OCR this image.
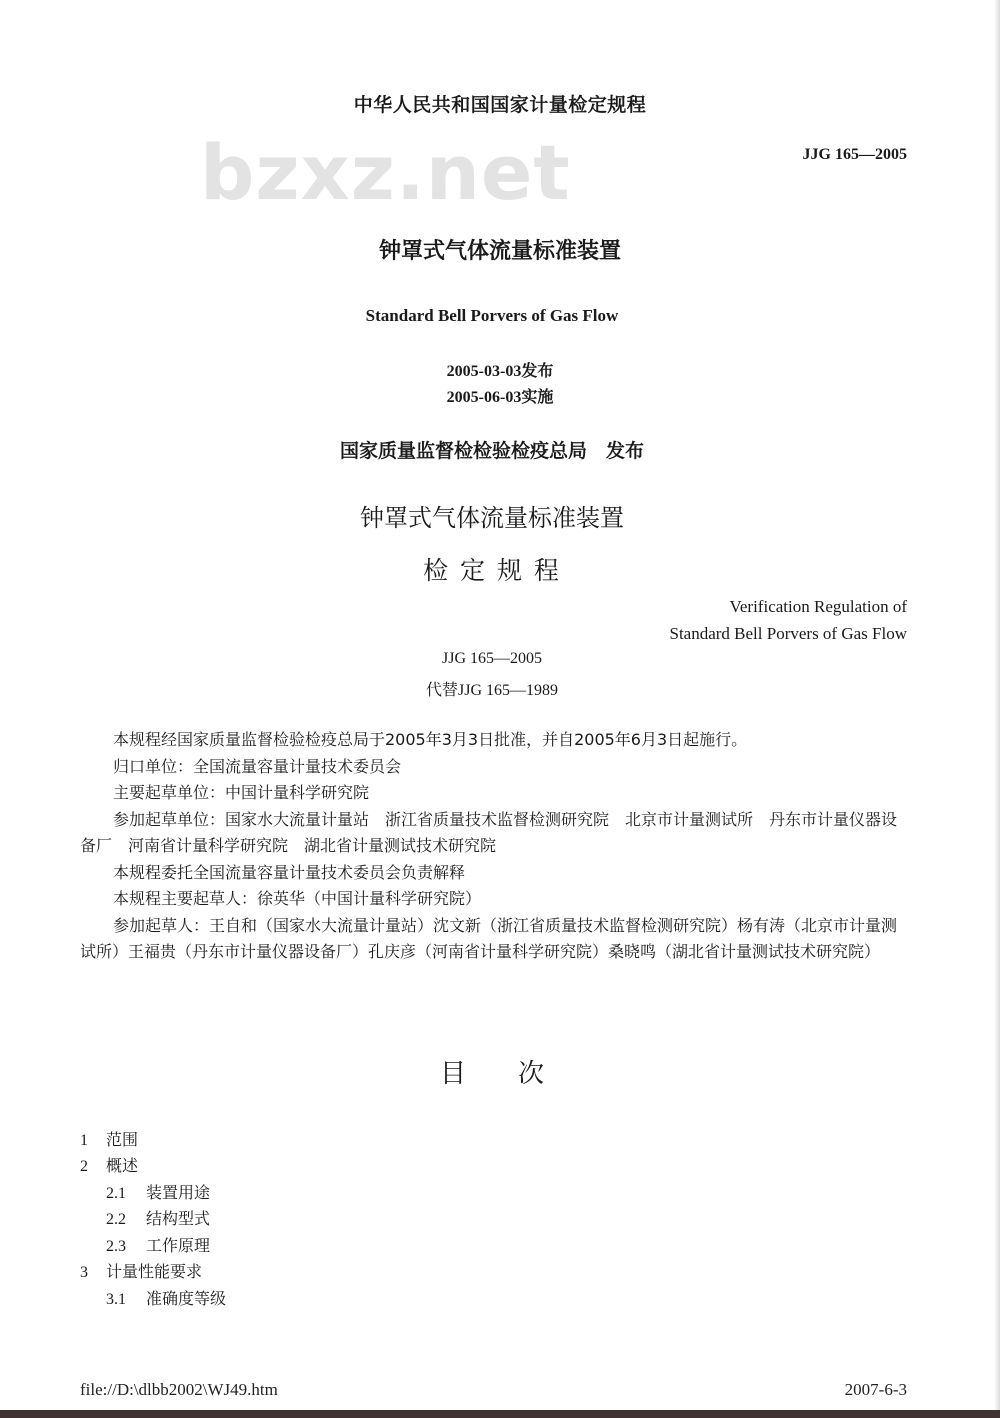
bzxz.net
中华人民共和国国家计量检定规程
JJG 165—2005
钟罩式气体流量标准装置
Standard Bell Porvers of Gas Flow
2005-03-03发布
2005-06-03实施
国家质量监督检检验检疫总局　发布
钟罩式气体流量标准装置
检 定 规 程
Verification Regulation of
Standard Bell Porvers of Gas Flow
JJG 165—2005
代替JJG 165—1989

本规程经国家质量监督检验检疫总局于2005年3月3日批准，并自2005年6月3日起施行。

归口单位：全国流量容量计量技术委员会

主要起草单位：中国计量科学研究院

参加起草单位：国家水大流量计量站　浙江省质量技术监督检测研究院　北京市计量测试所　丹东市计量仪器设备厂　河南省计量科学研究院　湖北省计量测试技术研究院

本规程委托全国流量容量计量技术委员会负责解释

本规程主要起草人：徐英华（中国计量科学研究院）

参加起草人：王自和（国家水大流量计量站）沈文新（浙江省质量技术监督检测研究院）杨有涛（北京市计量测试所）王福贵（丹东市计量仪器设备厂）孔庆彦（河南省计量科学研究院）桑晓鸣（湖北省计量测试技术研究院）

目　　次
1 范围
2 概述
2.1 装置用途
2.2 结构型式
2.3 工作原理
3 计量性能要求
3.1 准确度等级
file://D:\dlbb2002\WJ49.htm	2007-6-3
